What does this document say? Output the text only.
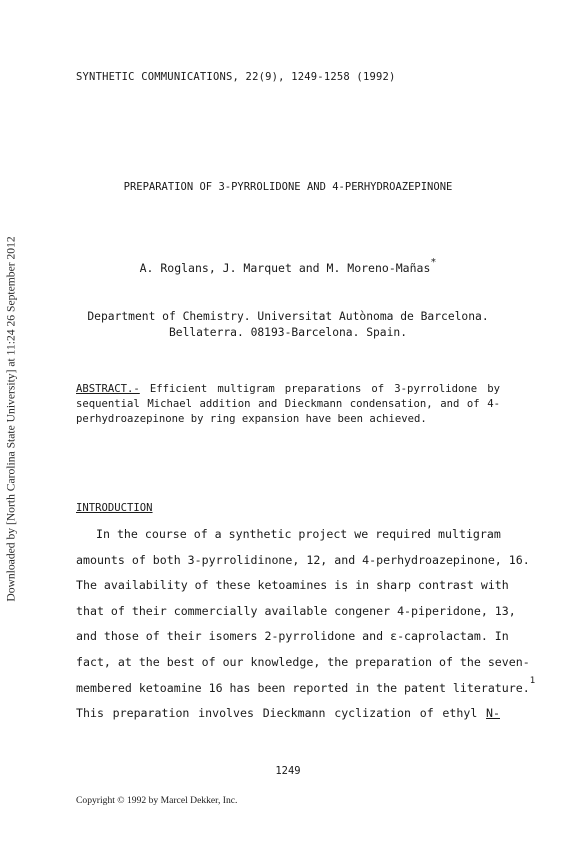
SYNTHETIC COMMUNICATIONS, 22(9), 1249-1258 (1992)
Downloaded by [North Carolina State University] at 11:24 26 September 2012
PREPARATION OF 3-PYRROLIDONE AND 4-PERHYDROAZEPINONE
A. Roglans, J. Marquet and M. Moreno-Mañas*
Department of Chemistry. Universitat Autònoma de Barcelona.
Bellaterra. 08193-Barcelona. Spain.
ABSTRACT.- Efficient multigram preparations of 3-pyrrolidone by sequential Michael addition and Dieckmann condensation, and of 4-perhydroazepinone by ring expansion have been achieved.
INTRODUCTION
In the course of a synthetic project we required multigram
amounts of both 3-pyrrolidinone, 12, and 4-perhydroazepinone, 16.
The availability of these ketoamines is in sharp contrast with
that of their commercially available congener 4-piperidone, 13,
and those of their isomers 2-pyrrolidone and ε-caprolactam. In
fact, at the best of our knowledge, the preparation of the seven-
membered ketoamine 16 has been reported in the patent literature.$^1$
This preparation involves Dieckmann cyclization of ethyl N-
1249
Copyright © 1992 by Marcel Dekker, Inc.
